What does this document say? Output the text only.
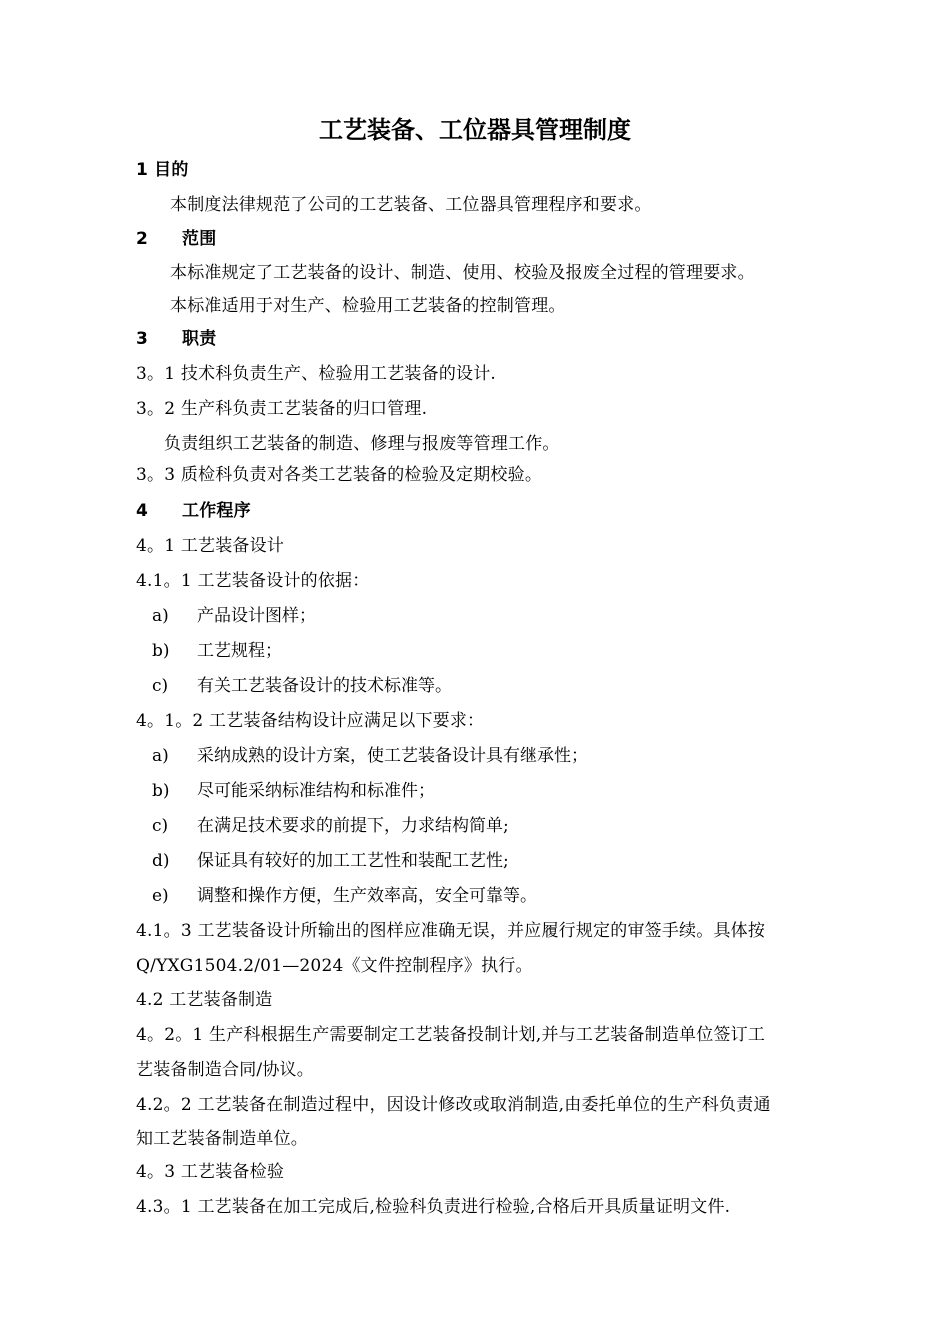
工艺装备、工位器具管理制度
1 目的
本制度法律规范了公司的工艺装备、工位器具管理程序和要求。
2 范围
本标准规定了工艺装备的设计、制造、使用、校验及报废全过程的管理要求。
本标准适用于对生产、检验用工艺装备的控制管理。
3 职责
3。1 技术科负责生产、检验用工艺装备的设计.
3。2 生产科负责工艺装备的归口管理.
负责组织工艺装备的制造、修理与报废等管理工作。
3。3 质检科负责对各类工艺装备的检验及定期校验。
4 工作程序
4。1 工艺装备设计
4.1。1 工艺装备设计的依据：
a) 产品设计图样；
b) 工艺规程；
c) 有关工艺装备设计的技术标准等。
4。1。2 工艺装备结构设计应满足以下要求：
a) 采纳成熟的设计方案，使工艺装备设计具有继承性；
b) 尽可能采纳标准结构和标准件；
c) 在满足技术要求的前提下，力求结构简单;
d) 保证具有较好的加工工艺性和装配工艺性;
e) 调整和操作方便，生产效率高，安全可靠等。
4.1。3 工艺装备设计所输出的图样应准确无误，并应履行规定的审签手续。具体按
Q/YXG1504.2/01—2024《文件控制程序》执行。
4.2 工艺装备制造
4。2。1 生产科根据生产需要制定工艺装备投制计划,并与工艺装备制造单位签订工
艺装备制造合同/协议。
4.2。2 工艺装备在制造过程中，因设计修改或取消制造,由委托单位的生产科负责通
知工艺装备制造单位。
4。3 工艺装备检验
4.3。1 工艺装备在加工完成后,检验科负责进行检验,合格后开具质量证明文件.
